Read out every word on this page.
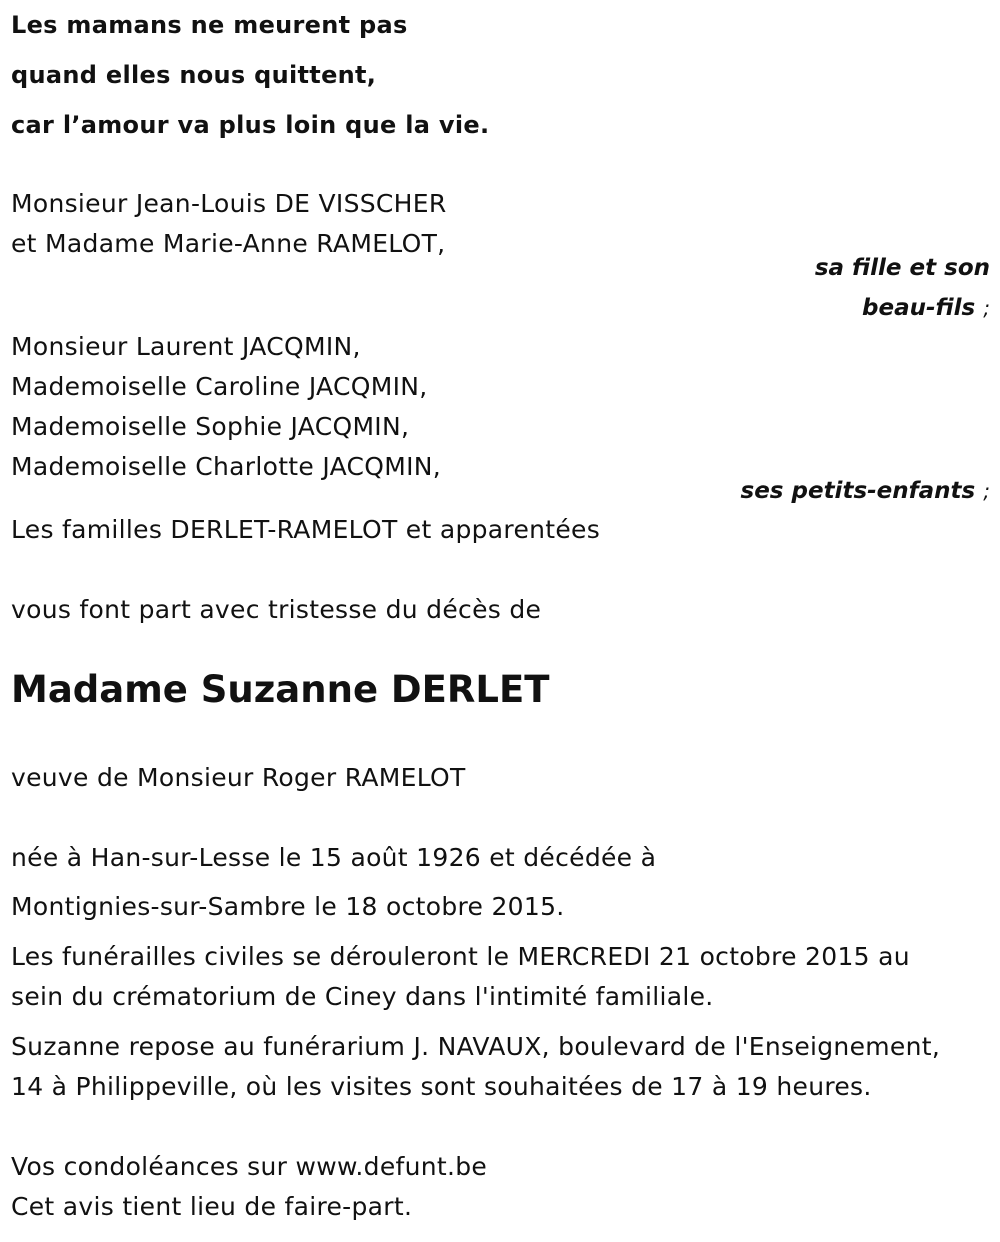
Les mamans ne meurent pas
quand elles nous quittent,
car l’amour va plus loin que la vie.
Monsieur Jean-Louis DE VISSCHER
et Madame Marie-Anne RAMELOT,
sa fille et son
beau-fils ;
Monsieur Laurent JACQMIN,
Mademoiselle Caroline JACQMIN,
Mademoiselle Sophie JACQMIN,
Mademoiselle Charlotte JACQMIN,
ses petits-enfants ;
Les familles DERLET-RAMELOT et apparentées
vous font part avec tristesse du décès de
Madame Suzanne DERLET
veuve de Monsieur Roger RAMELOT
née à Han-sur-Lesse le 15 août 1926 et décédée à
Montignies-sur-Sambre le 18 octobre 2015.
Les funérailles civiles se dérouleront le MERCREDI 21 octobre 2015 au
sein du crématorium de Ciney dans l'intimité familiale.
Suzanne repose au funérarium J. NAVAUX, boulevard de l'Enseignement,
14 à Philippeville, où les visites sont souhaitées de 17 à 19 heures.
Vos condoléances sur www.defunt.be
Cet avis tient lieu de faire-part.
